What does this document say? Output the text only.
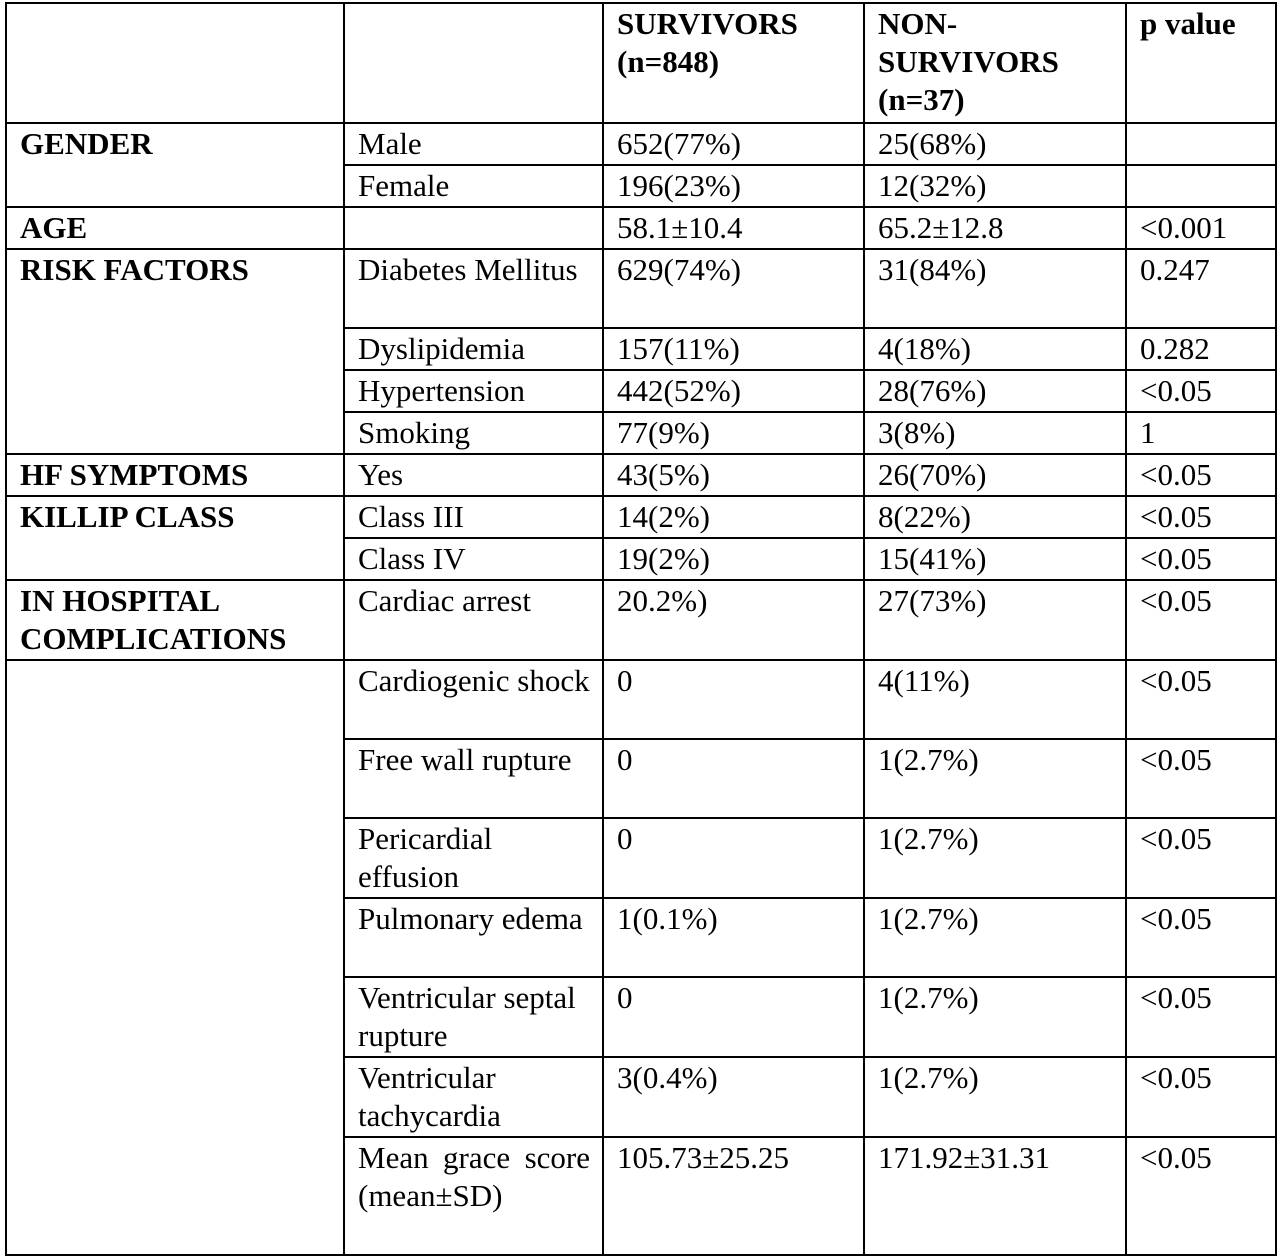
		SURVIVORS (n=848)	NON-SURVIVORS (n=37)	p value
GENDER	Male	652(77%)	25(68%)	
	Female	196(23%)	12(32%)	
AGE		58.1±10.4	65.2±12.8	<0.001
RISK FACTORS	Diabetes Mellitus	629(74%)	31(84%)	0.247
	Dyslipidemia	157(11%)	4(18%)	0.282
	Hypertension	442(52%)	28(76%)	<0.05
	Smoking	77(9%)	3(8%)	1
HF SYMPTOMS	Yes	43(5%)	26(70%)	<0.05
KILLIP CLASS	Class III	14(2%)	8(22%)	<0.05
	Class IV	19(2%)	15(41%)	<0.05
IN HOSPITAL COMPLICATIONS	Cardiac arrest	20.2%)	27(73%)	<0.05
	Cardiogenic shock	0	4(11%)	<0.05
	Free wall rupture	0	1(2.7%)	<0.05
	Pericardial effusion	0	1(2.7%)	<0.05
	Pulmonary edema	1(0.1%)	1(2.7%)	<0.05
	Ventricular septal rupture	0	1(2.7%)	<0.05
	Ventricular tachycardia	3(0.4%)	1(2.7%)	<0.05
	Mean grace score (mean±SD)	105.73±25.25	171.92±31.31	<0.05
